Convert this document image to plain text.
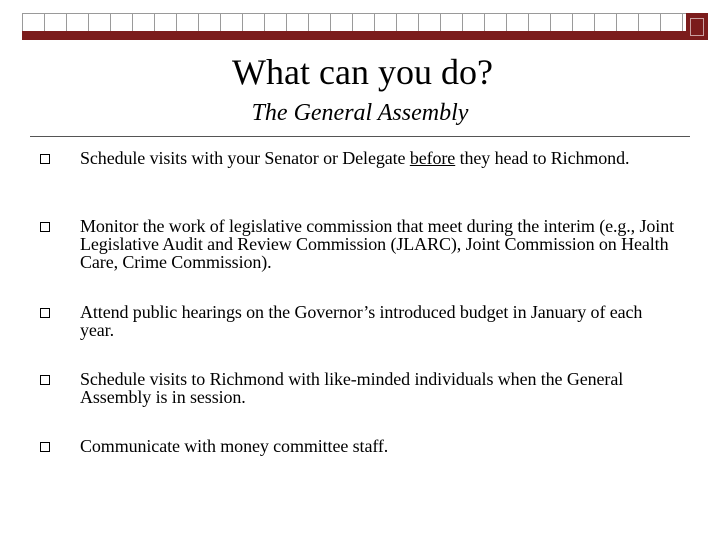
What can you do?
The General Assembly
Schedule visits with your Senator or Delegate before they head to Richmond.
Monitor the work of legislative commission that meet during the interim (e.g., Joint Legislative Audit and Review Commission (JLARC), Joint Commission on Health Care, Crime Commission).
Attend public hearings on the Governor’s introduced budget in January of each year.
Schedule visits to Richmond with like-minded individuals when the General Assembly is in session.
Communicate with money committee staff.
